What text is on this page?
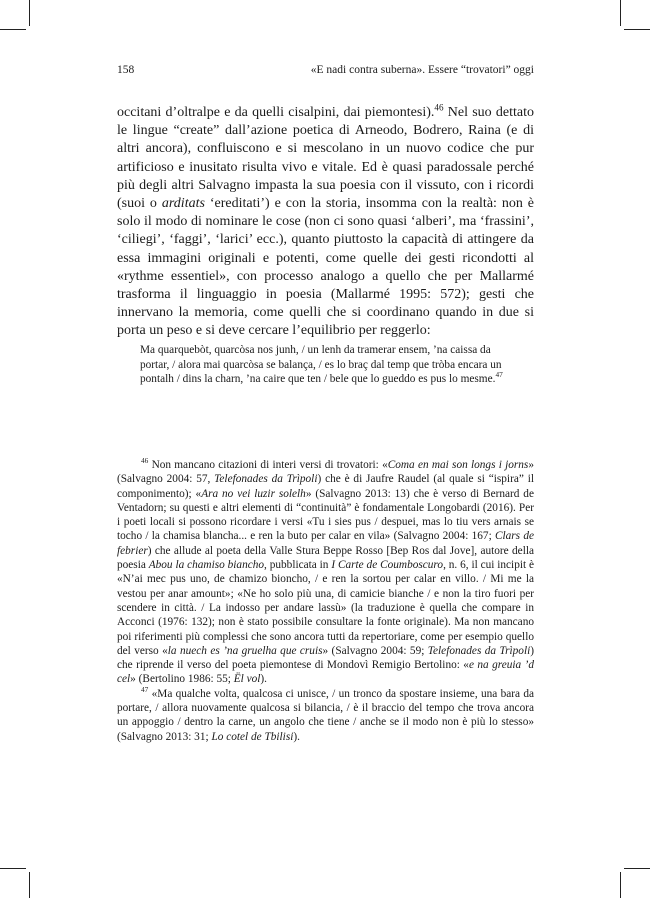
158	«E nadi contra suberna». Essere “trovatori” oggi

occitani d’oltralpe e da quelli cisalpini, dai piemontesi).$^{46}$ Nel suo dettato le lingue “create” dall’azione poetica di Arneodo, Bodrero, Raina (e di altri ancora), confluiscono e si mescolano in un nuovo codice che pur artificioso e inusitato risulta vivo e vitale. Ed è quasi paradossale perché più degli altri Salvagno impasta la sua poesia con il vissuto, con i ricordi (suoi o arditats ‘ereditati’) e con la storia, insomma con la realtà: non è solo il modo di nominare le cose (non ci sono quasi ‘alberi’, ma ‘frassini’, ‘ciliegi’, ‘faggi’, ‘larici’ ecc.), quanto piuttosto la capacità di attingere da essa immagini originali e potenti, come quelle dei gesti ricondotti al «rythme essentiel», con processo analogo a quello che per Mallarmé trasforma il linguaggio in poesia (Mallarmé 1995: 572); gesti che innervano la memoria, come quelli che si coordinano quando in due si porta un peso e si deve cercare l’equilibrio per reggerlo:

Ma quarquebòt, quarcòsa nos junh, / un lenh da tramerar ensem, ’na caissa da portar, / alora mai quarcòsa se balança, / es lo braç dal temp que tròba encara un pontalh / dins la charn, ’na caire que ten / bele que lo gueddo es pus lo mesme.$^{47}$

$^{46}$ Non mancano citazioni di interi versi di trovatori: «Coma en mai son longs i jorns» (Salvagno 2004: 57, Telefonades da Trìpoli) che è di Jaufre Raudel (al quale si “ispira” il componimento); «Ara no vei luzir solelh» (Salvagno 2013: 13) che è verso di Bernard de Ventadorn; su questi e altri elementi di “continuità” è fondamentale Longobardi (2016). Per i poeti locali si possono ricordare i versi «Tu i sies pus / despuei, mas lo tiu vers arnais se tocho / la chamisa blancha... e ren la buto per calar en vila» (Salvagno 2004: 167; Clars de febrier) che allude al poeta della Valle Stura Beppe Rosso [Bep Ros dal Jove], autore della poesia Abou la chamiso biancho, pubblicata in I Carte de Coumboscuro, n. 6, il cui incipit è «N’ai mec pus uno, de chamizo bioncho, / e ren la sortou per calar en villo. / Mi me la vestou per anar amount»; «Ne ho solo più una, di camicie bianche / e non la tiro fuori per scendere in città. / La indosso per andare lassù» (la traduzione è quella che compare in Acconci (1976: 132); non è stato possibile consultare la fonte originale). Ma non mancano poi riferimenti più complessi che sono ancora tutti da repertoriare, come per esempio quello del verso «la nuech es ’na gruelha que cruis» (Salvagno 2004: 59; Telefonades da Trìpoli) che riprende il verso del poeta piemontese di Mondovì Remigio Bertolino: «e na greuia ’d cel» (Bertolino 1986: 55; Ël vol).

$^{47}$ «Ma qualche volta, qualcosa ci unisce, / un tronco da spostare insieme, una bara da portare, / allora nuovamente qualcosa si bilancia, / è il braccio del tempo che trova ancora un appoggio / dentro la carne, un angolo che tiene / anche se il modo non è più lo stesso» (Salvagno 2013: 31; Lo cotel de Tbilisi).
